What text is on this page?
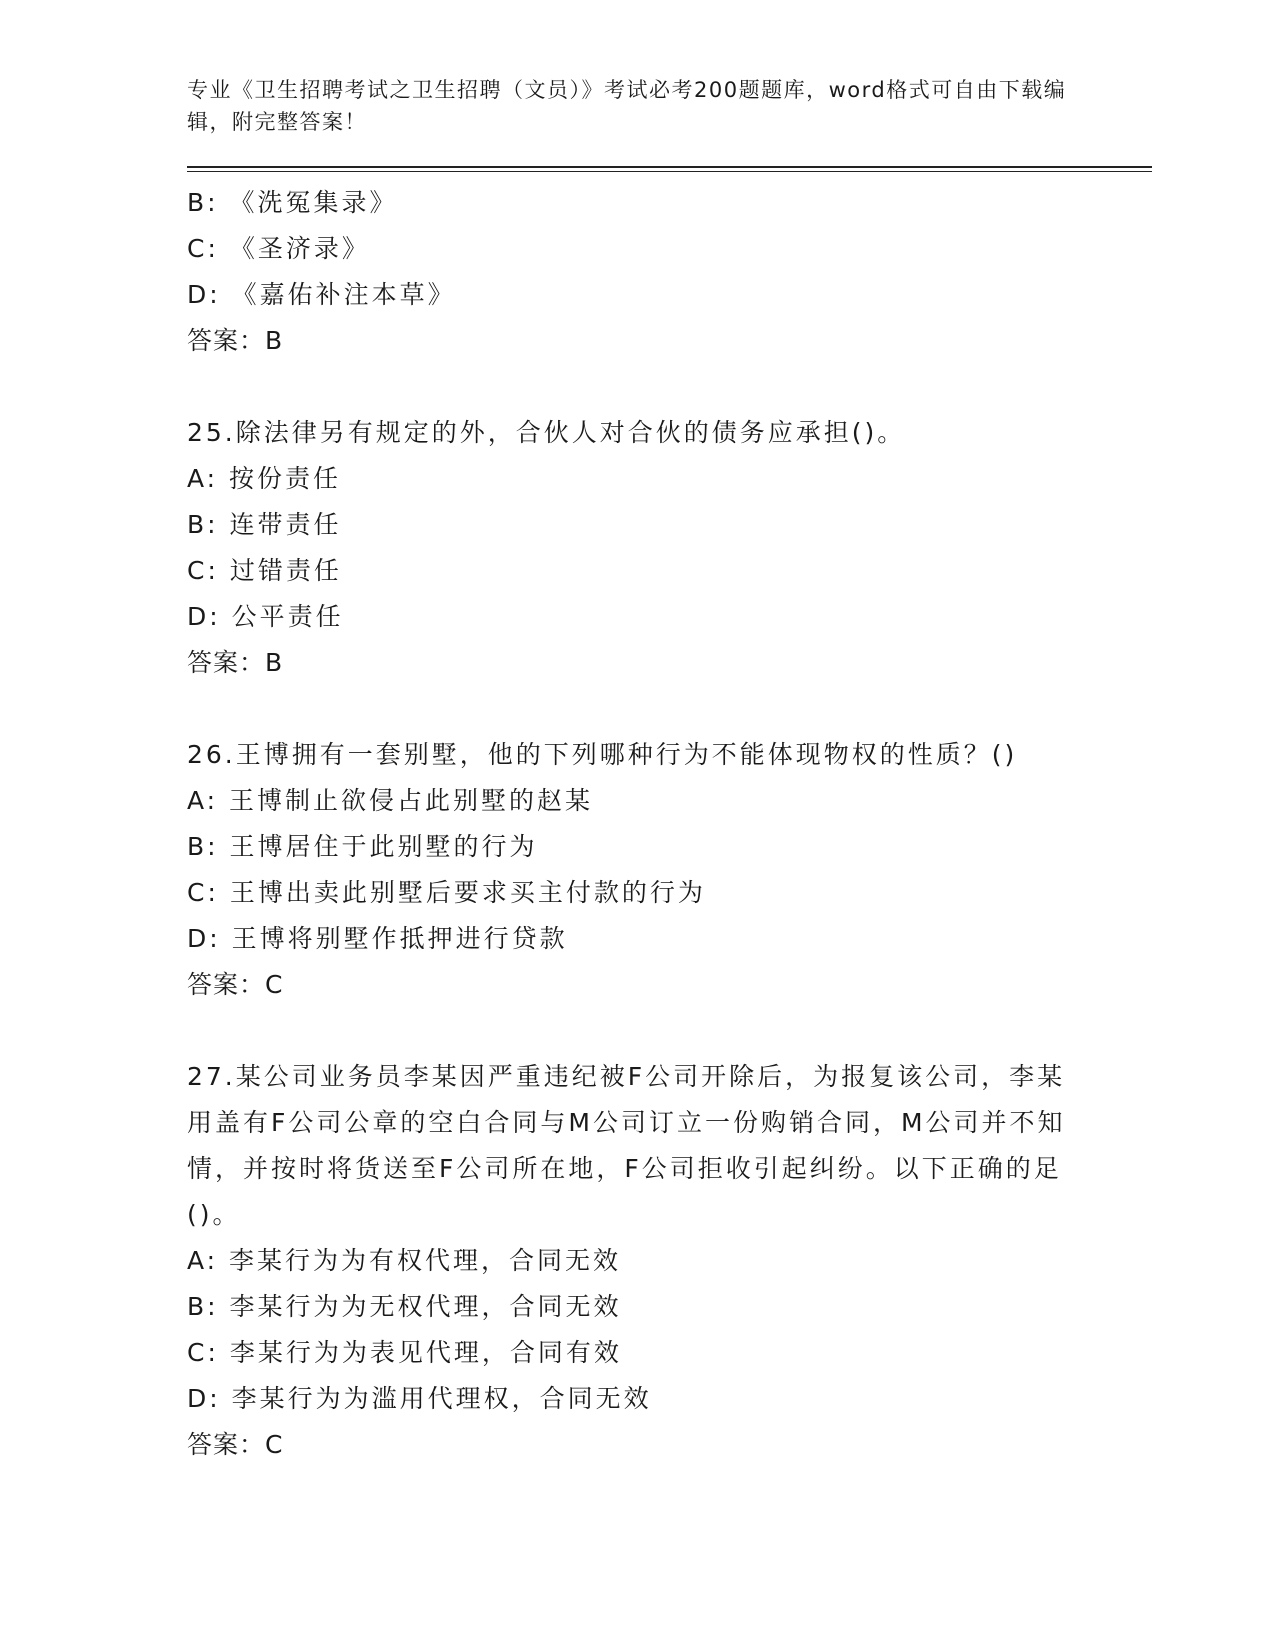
专业《卫生招聘考试之卫生招聘（文员）》考试必考200题题库，word格式可自由下载编辑，附完整答案！
B: 《洗冤集录》
C: 《圣济录》
D: 《嘉佑补注本草》
答案：B
25.除法律另有规定的外，合伙人对合伙的债务应承担()。
A: 按份责任
B: 连带责任
C: 过错责任
D: 公平责任
答案：B
26.王博拥有一套别墅，他的下列哪种行为不能体现物权的性质？()
A: 王博制止欲侵占此别墅的赵某
B: 王博居住于此别墅的行为
C: 王博出卖此别墅后要求买主付款的行为
D: 王博将别墅作抵押进行贷款
答案：C
27.某公司业务员李某因严重违纪被F公司开除后，为报复该公司，李某用盖有F公司公章的空白合同与M公司订立一份购销合同，M公司并不知情，并按时将货送至F公司所在地，F公司拒收引起纠纷。以下正确的足()。
A: 李某行为为有权代理，合同无效
B: 李某行为为无权代理，合同无效
C: 李某行为为表见代理，合同有效
D: 李某行为为滥用代理权，合同无效
答案：C
